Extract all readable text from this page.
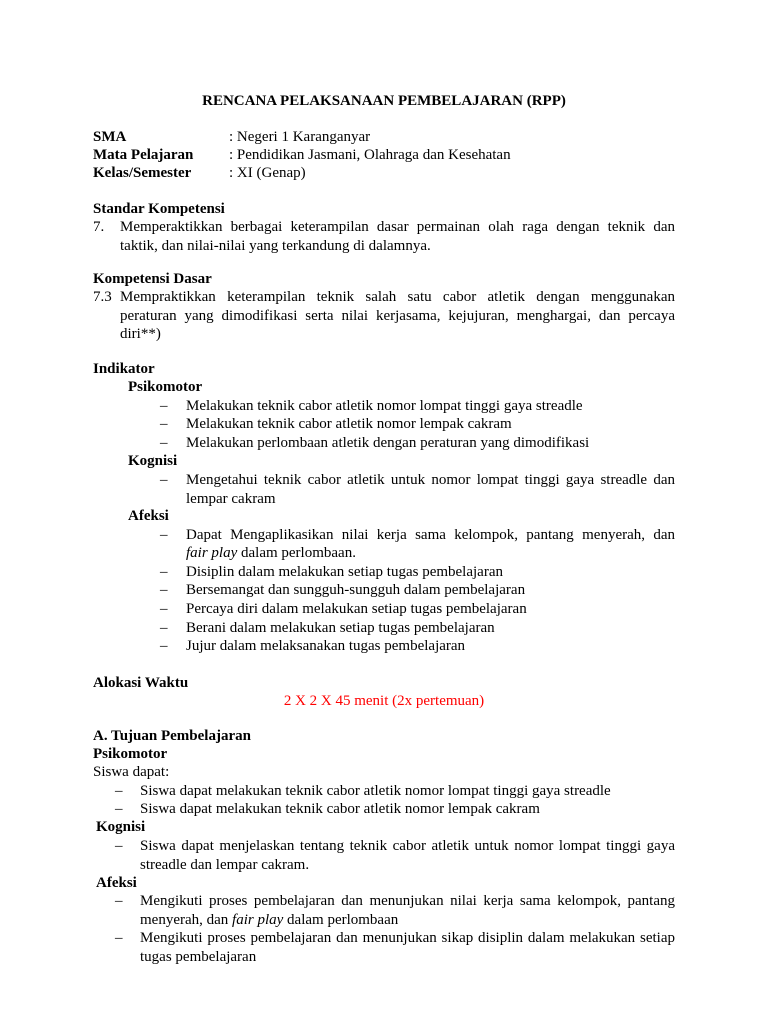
RENCANA PELAKSANAAN PEMBELAJARAN (RPP)
SMA	: Negeri 1 Karanganyar
Mata Pelajaran : Pendidikan Jasmani, Olahraga dan Kesehatan
Kelas/Semester	: XI (Genap)
Standar Kompetensi
7. Memperaktikkan berbagai keterampilan dasar permainan olah raga dengan teknik dan taktik, dan nilai-nilai yang terkandung di dalamnya.
Kompetensi Dasar
7.3 Mempraktikkan keterampilan teknik salah satu cabor atletik dengan menggunakan peraturan yang dimodifikasi serta nilai kerjasama, kejujuran, menghargai, dan percaya diri**)
Indikator
Psikomotor
– Melakukan teknik cabor atletik nomor lompat tinggi gaya streadle
– Melakukan teknik cabor atletik nomor lempak cakram
– Melakukan perlombaan atletik dengan peraturan yang dimodifikasi
Kognisi
– Mengetahui teknik cabor atletik untuk nomor lompat tinggi gaya streadle dan lempar cakram
Afeksi
– Dapat Mengaplikasikan nilai kerja sama kelompok, pantang menyerah, dan
fair play dalam perlombaan.
– Disiplin dalam melakukan setiap tugas pembelajaran
– Bersemangat dan sungguh-sungguh dalam pembelajaran
– Percaya diri dalam melakukan setiap tugas pembelajaran
– Berani dalam melakukan setiap tugas pembelajaran
– Jujur dalam melaksanakan tugas pembelajaran
Alokasi Waktu
2 X 2 X 45 menit (2x pertemuan)
A. Tujuan Pembelajaran
Psikomotor
Siswa dapat:
– Siswa dapat melakukan teknik cabor atletik nomor lompat tinggi gaya streadle
– Siswa dapat melakukan teknik cabor atletik nomor lempak cakram
Kognisi
– Siswa dapat menjelaskan tentang teknik cabor atletik untuk nomor lompat tinggi gaya streadle dan lempar cakram.
Afeksi
– Mengikuti proses pembelajaran dan menunjukan nilai kerja sama kelompok, pantang menyerah, dan fair play dalam perlombaan
– Mengikuti proses pembelajaran dan menunjukan sikap disiplin dalam melakukan setiap tugas pembelajaran
